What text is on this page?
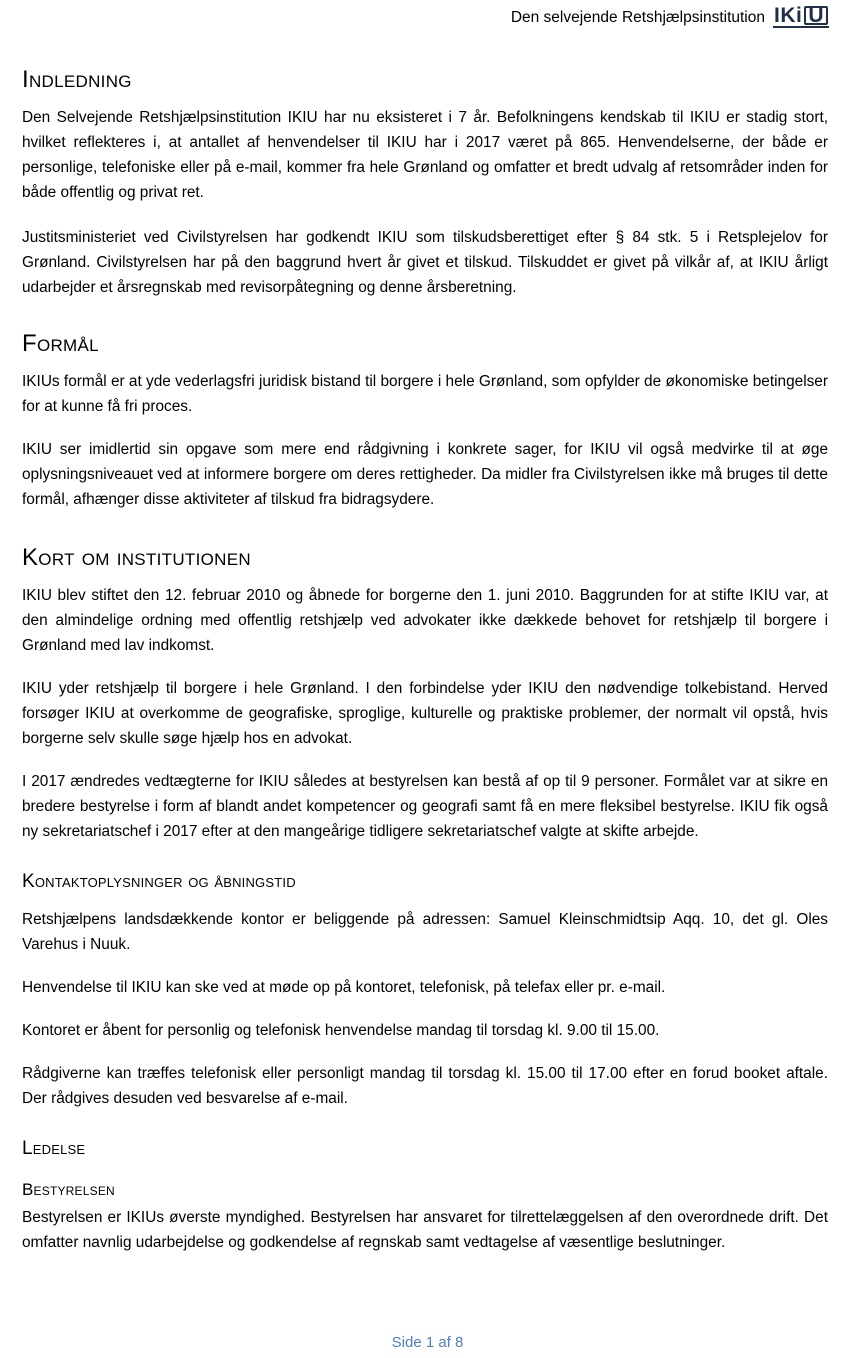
Den selvejende Retshjælpsinstitution IK i U
Indledning

Den Selvejende Retshjælpsinstitution IKIU har nu eksisteret i 7 år. Befolkningens kendskab til IKIU er stadig stort, hvilket reflekteres i, at antallet af henvendelser til IKIU har i 2017 været på 865. Henvendelserne, der både er personlige, telefoniske eller på e-mail, kommer fra hele Grønland og omfatter et bredt udvalg af retsområder inden for både offentlig og privat ret.

Justitsministeriet ved Civilstyrelsen har godkendt IKIU som tilskudsberettiget efter § 84 stk. 5 i Retsplejelov for Grønland. Civilstyrelsen har på den baggrund hvert år givet et tilskud. Tilskuddet er givet på vilkår af, at IKIU årligt udarbejder et årsregnskab med revisorpåtegning og denne årsberetning.

Formål

IKIUs formål er at yde vederlagsfri juridisk bistand til borgere i hele Grønland, som opfylder de økonomiske betingelser for at kunne få fri proces.

IKIU ser imidlertid sin opgave som mere end rådgivning i konkrete sager, for IKIU vil også medvirke til at øge oplysningsniveauet ved at informere borgere om deres rettigheder. Da midler fra Civilstyrelsen ikke må bruges til dette formål, afhænger disse aktiviteter af tilskud fra bidragsydere.

Kort om institutionen

IKIU blev stiftet den 12. februar 2010 og åbnede for borgerne den 1. juni 2010. Baggrunden for at stifte IKIU var, at den almindelige ordning med offentlig retshjælp ved advokater ikke dækkede behovet for retshjælp til borgere i Grønland med lav indkomst.

IKIU yder retshjælp til borgere i hele Grønland. I den forbindelse yder IKIU den nødvendige tolkebistand. Herved forsøger IKIU at overkomme de geografiske, sproglige, kulturelle og praktiske problemer, der normalt vil opstå, hvis borgerne selv skulle søge hjælp hos en advokat.

I 2017 ændredes vedtægterne for IKIU således at bestyrelsen kan bestå af op til 9 personer. Formålet var at sikre en bredere bestyrelse i form af blandt andet kompetencer og geografi samt få en mere fleksibel bestyrelse. IKIU fik også ny sekretariatschef i 2017 efter at den mangeårige tidligere sekretariatschef valgte at skifte arbejde.

Kontaktoplysninger og åbningstid

Retshjælpens landsdækkende kontor er beliggende på adressen: Samuel Kleinschmidtsip Aqq. 10, det gl. Oles Varehus i Nuuk.

Henvendelse til IKIU kan ske ved at møde op på kontoret, telefonisk, på telefax eller pr. e-mail.

Kontoret er åbent for personlig og telefonisk henvendelse mandag til torsdag kl. 9.00 til 15.00.

Rådgiverne kan træffes telefonisk eller personligt mandag til torsdag kl. 15.00 til 17.00 efter en forud booket aftale. Der rådgives desuden ved besvarelse af e-mail.

Ledelse
Bestyrelsen

Bestyrelsen er IKIUs øverste myndighed. Bestyrelsen har ansvaret for tilrettelæggelsen af den overordnede drift. Det omfatter navnlig udarbejdelse og godkendelse af regnskab samt vedtagelse af væsentlige beslutninger.

Side 1 af 8
